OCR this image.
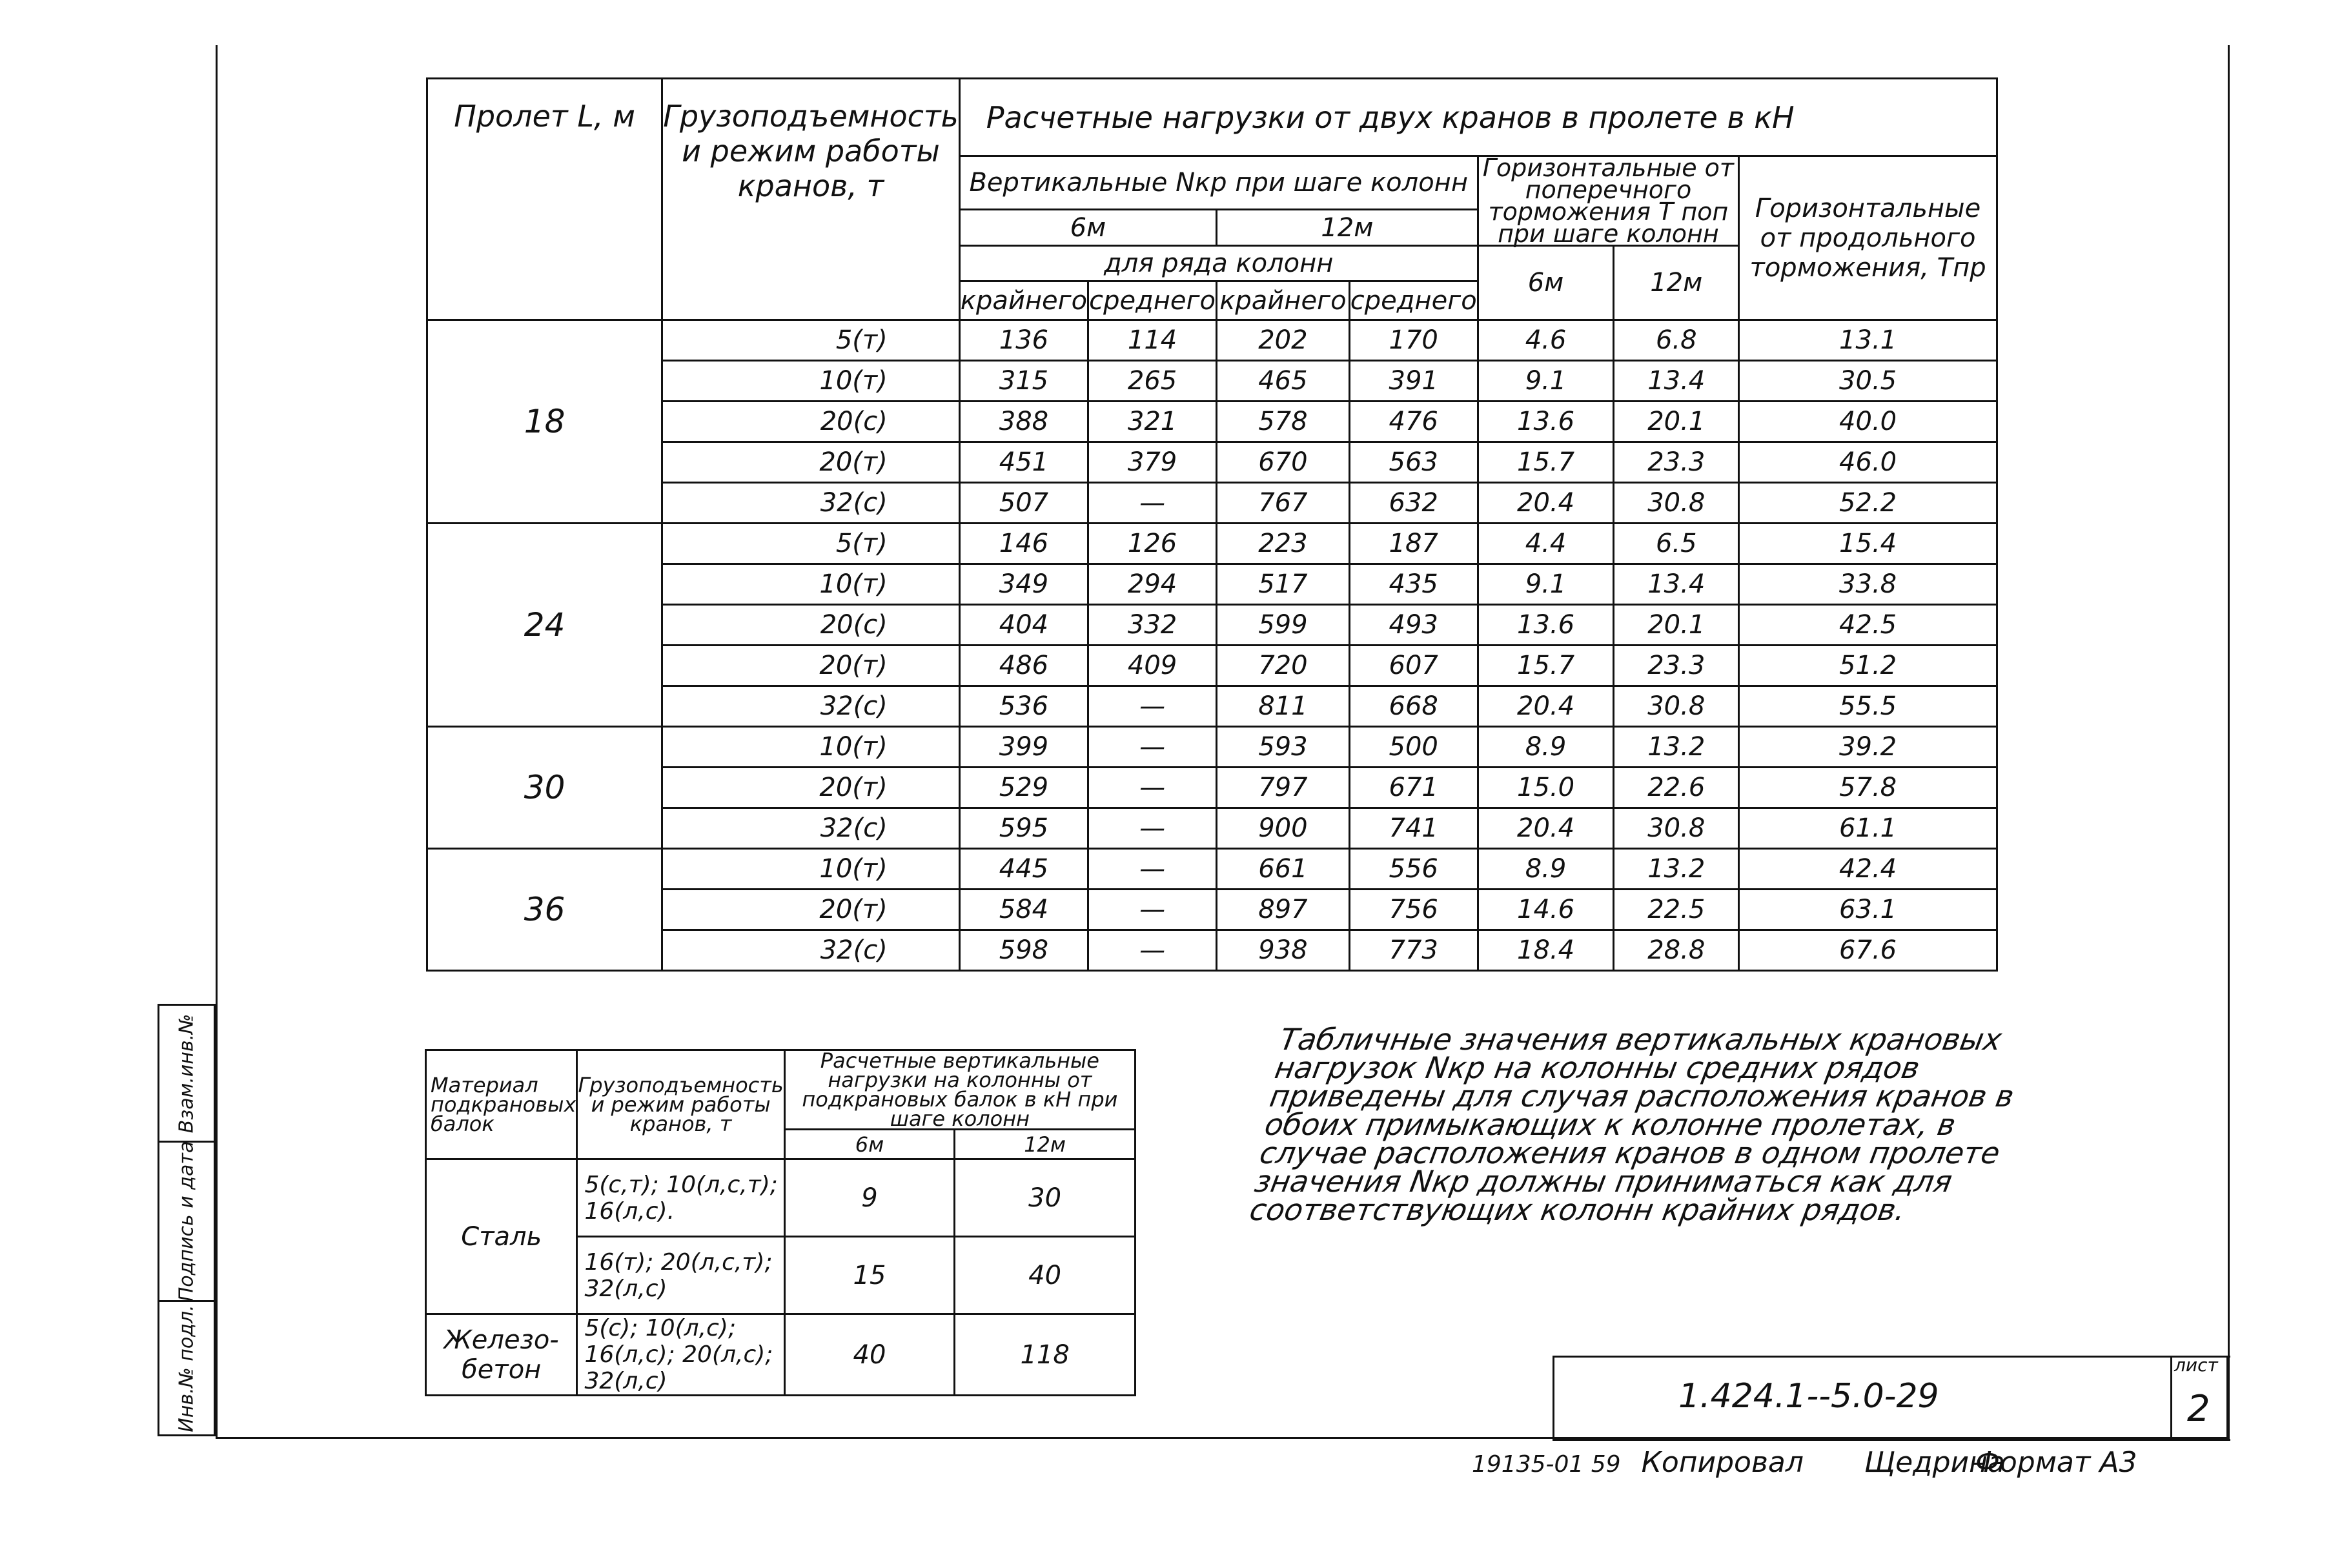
Взам.инв.№
Подпись и дата
Инв.№ подл.
Пролет L, м	Грузоподъемность и режим работы кранов, т	Расчетные нагрузки от двух кранов в пролете в кН						
		Вертикальные Nкр при шаге колонн				Горизонтальные от поперечного торможения Т поп при шаге колонн		Горизонтальные от продольного торможения, Тпр
		6м		12м				
		для ряда колонн				6м	12м	
		крайнего	среднего	крайнего	среднего			
18	5(т)	136	114	202	170	4.6	6.8	13.1
	10(т)	315	265	465	391	9.1	13.4	30.5
	20(с)	388	321	578	476	13.6	20.1	40.0
	20(т)	451	379	670	563	15.7	23.3	46.0
	32(с)	507	—	767	632	20.4	30.8	52.2
24	5(т)	146	126	223	187	4.4	6.5	15.4
	10(т)	349	294	517	435	9.1	13.4	33.8
	20(с)	404	332	599	493	13.6	20.1	42.5
	20(т)	486	409	720	607	15.7	23.3	51.2
	32(с)	536	—	811	668	20.4	30.8	55.5
30	10(т)	399	—	593	500	8.9	13.2	39.2
	20(т)	529	—	797	671	15.0	22.6	57.8
	32(с)	595	—	900	741	20.4	30.8	61.1
36	10(т)	445	—	661	556	8.9	13.2	42.4
	20(т)	584	—	897	756	14.6	22.5	63.1
	32(с)	598	—	938	773	18.4	28.8	67.6
Материал подкрановых балок	Грузоподъемность и режим работы кранов, т	Расчетные вертикальные нагрузки на колонны от подкрановых балок в кН при шаге колонн	
		6м	12м
Сталь	5(с,т); 10(л,с,т); 16(л,с).	9	30
	16(т); 20(л,с,т); 32(л,с)	15	40
Железо-бетон	5(с); 10(л,с); 16(л,с); 20(л,с); 32(л,с)	40	118
Табличные значения вертикальных крановых нагрузок Nкр на колонны средних рядов приведены для случая расположения кранов в обоих примыкающих к колонне пролетах, в случае расположения кранов в одном пролете значения Nкр должны приниматься как для соответствующих колонн крайних рядов.
1.424.1--5.0-29
лист
2
19135-01 59 Копировал Щедрина
Формат А3
